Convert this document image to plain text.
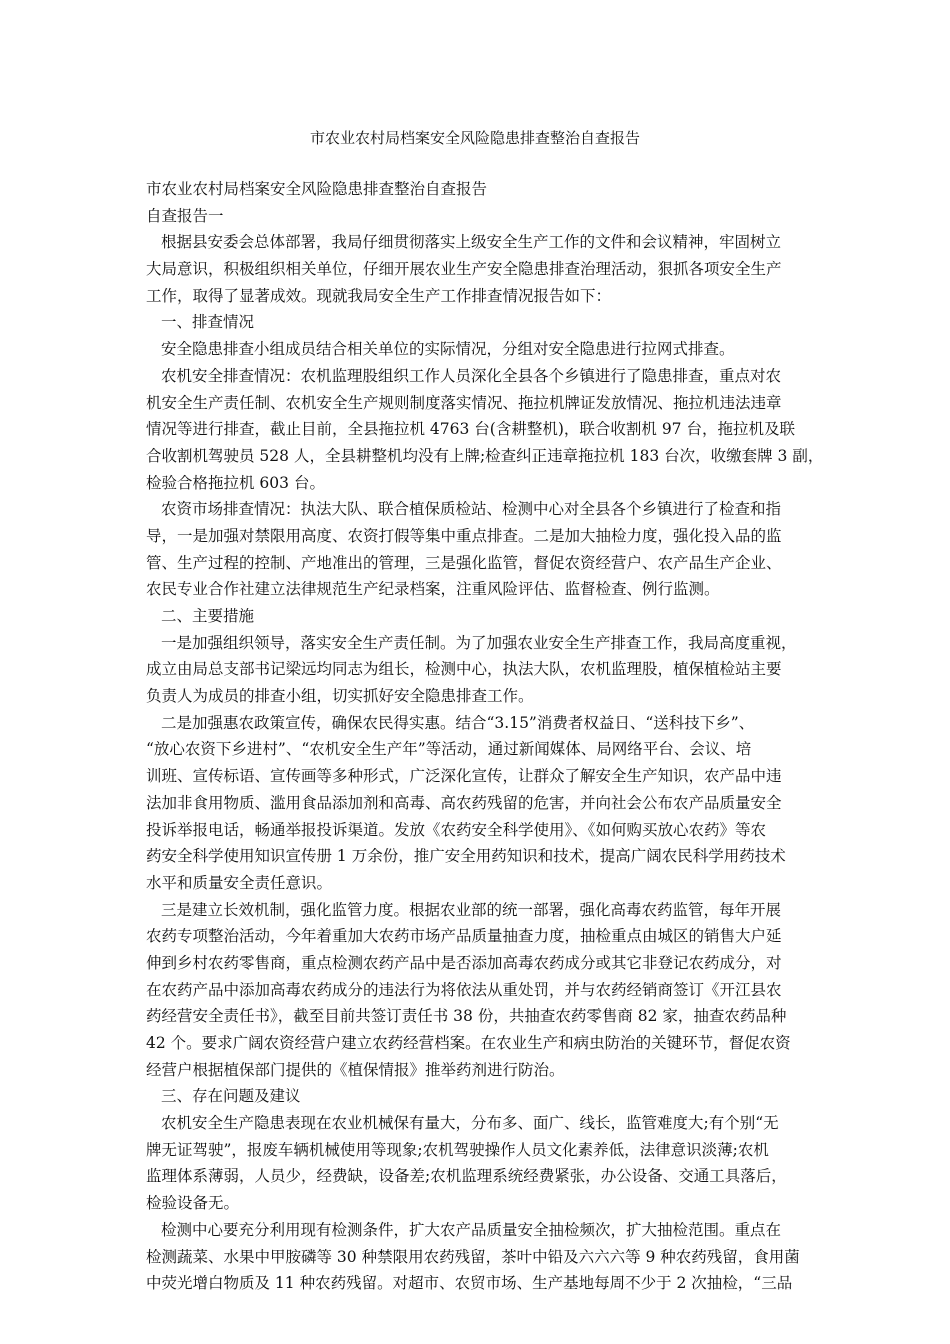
市农业农村局档案安全风险隐患排查整治自查报告
市农业农村局档案安全风险隐患排查整治自查报告
自查报告一
根据县安委会总体部署，我局仔细贯彻落实上级安全生产工作的文件和会议精神，牢固树立
大局意识，积极组织相关单位，仔细开展农业生产安全隐患排查治理活动，狠抓各项安全生产
工作，取得了显著成效。现就我局安全生产工作排查情况报告如下：
一、排查情况
安全隐患排查小组成员结合相关单位的实际情况，分组对安全隐患进行拉网式排查。
农机安全排查情况：农机监理股组织工作人员深化全县各个乡镇进行了隐患排查，重点对农
机安全生产责任制、农机安全生产规则制度落实情况、拖拉机牌证发放情况、拖拉机违法违章
情况等进行排查，截止目前，全县拖拉机 4763 台(含耕整机)，联合收割机 97 台，拖拉机及联
合收割机驾驶员 528 人，全县耕整机均没有上牌;检查纠正违章拖拉机 183 台次，收缴套牌 3 副，
检验合格拖拉机 603 台。
农资市场排查情况：执法大队、联合植保质检站、检测中心对全县各个乡镇进行了检查和指
导，一是加强对禁限用高度、农资打假等集中重点排查。二是加大抽检力度，强化投入品的监
管、生产过程的控制、产地准出的管理，三是强化监管，督促农资经营户、农产品生产企业、
农民专业合作社建立法律规范生产纪录档案，注重风险评估、监督检查、例行监测。
二、主要措施
一是加强组织领导，落实安全生产责任制。为了加强农业安全生产排查工作，我局高度重视，
成立由局总支部书记梁远均同志为组长，检测中心，执法大队，农机监理股，植保植检站主要
负责人为成员的排查小组，切实抓好安全隐患排查工作。
二是加强惠农政策宣传，确保农民得实惠。结合“3.15”消费者权益日、“送科技下乡”、
“放心农资下乡进村”、“农机安全生产年”等活动，通过新闻媒体、局网络平台、会议、培
训班、宣传标语、宣传画等多种形式，广泛深化宣传，让群众了解安全生产知识，农产品中违
法加非食用物质、滥用食品添加剂和高毒、高农药残留的危害，并向社会公布农产品质量安全
投诉举报电话，畅通举报投诉渠道。发放《农药安全科学使用》、《如何购买放心农药》等农
药安全科学使用知识宣传册 1 万余份，推广安全用药知识和技术，提高广阔农民科学用药技术
水平和质量安全责任意识。
三是建立长效机制，强化监管力度。根据农业部的统一部署，强化高毒农药监管，每年开展
农药专项整治活动，今年着重加大农药市场产品质量抽查力度，抽检重点由城区的销售大户延
伸到乡村农药零售商，重点检测农药产品中是否添加高毒农药成分或其它非登记农药成分，对
在农药产品中添加高毒农药成分的违法行为将依法从重处罚，并与农药经销商签订《开江县农
药经营安全责任书》，截至目前共签订责任书 38 份，共抽查农药零售商 82 家，抽查农药品种
42 个。要求广阔农资经营户建立农药经营档案。在农业生产和病虫防治的关键环节，督促农资
经营户根据植保部门提供的《植保情报》推举药剂进行防治。
三、存在问题及建议
农机安全生产隐患表现在农业机械保有量大，分布多、面广、线长，监管难度大;有个别“无
牌无证驾驶”，报废车辆机械使用等现象;农机驾驶操作人员文化素养低，法律意识淡薄;农机
监理体系薄弱，人员少，经费缺，设备差;农机监理系统经费紧张，办公设备、交通工具落后，
检验设备无。
检测中心要充分利用现有检测条件，扩大农产品质量安全抽检频次，扩大抽检范围。重点在
检测蔬菜、水果中甲胺磷等 30 种禁限用农药残留，茶叶中铅及六六六等 9 种农药残留，食用菌
中荧光增白物质及 11 种农药残留。对超市、农贸市场、生产基地每周不少于 2 次抽检，“三品
